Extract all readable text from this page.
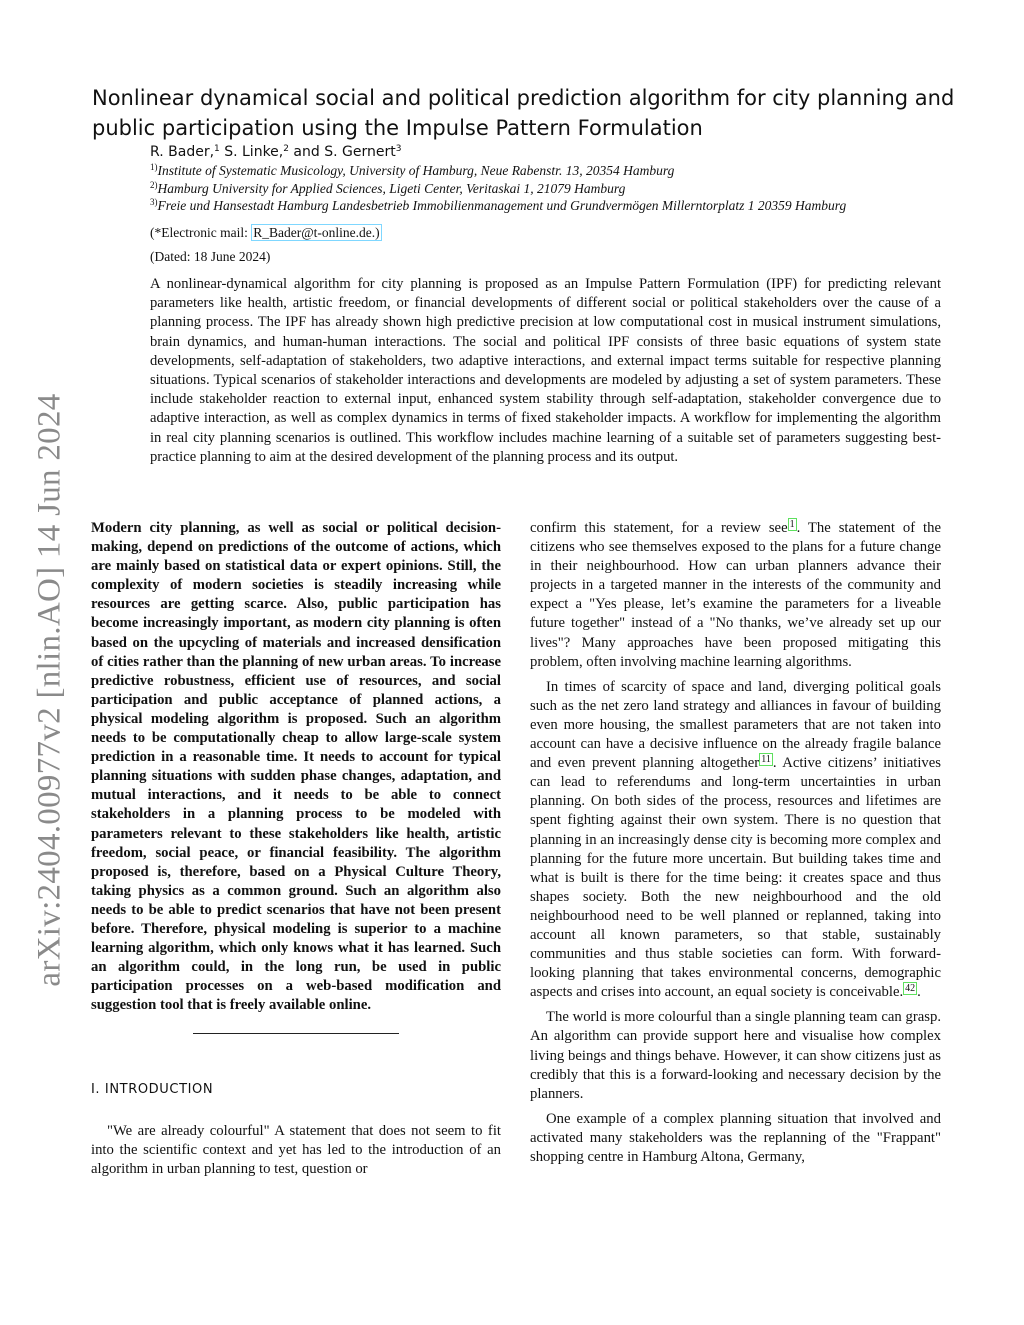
arXiv:2404.00977v2 [nlin.AO] 14 Jun 2024
Nonlinear dynamical social and political prediction algorithm for city planning and public participation using the Impulse Pattern Formulation
R. Bader,$^1$ S. Linke,$^2$ and S. Gernert$^3$
$^{1)}$Institute of Systematic Musicology, University of Hamburg, Neue Rabenstr. 13, 20354 Hamburg
$^{2)}$Hamburg University for Applied Sciences, Ligeti Center, Veritaskai 1, 21079 Hamburg
$^{3)}$Freie und Hansestadt Hamburg Landesbetrieb Immobilienmanagement und Grundvermögen Millerntorplatz 1 20359 Hamburg
(*Electronic mail: R_Bader@t-online.de.)
(Dated: 18 June 2024)

A nonlinear-dynamical algorithm for city planning is proposed as an Impulse Pattern Formulation (IPF) for predicting relevant parameters like health, artistic freedom, or financial developments of different social or political stakeholders over the cause of a planning process. The IPF has already shown high predictive precision at low computational cost in musical instrument simulations, brain dynamics, and human-human interactions. The social and political IPF consists of three basic equations of system state developments, self-adaptation of stakeholders, two adaptive interactions, and external impact terms suitable for respective planning situations. Typical scenarios of stakeholder interactions and developments are modeled by adjusting a set of system parameters. These include stakeholder reaction to external input, enhanced system stability through self-adaptation, stakeholder convergence due to adaptive interaction, as well as complex dynamics in terms of fixed stakeholder impacts. A workflow for implementing the algorithm in real city planning scenarios is outlined. This workflow includes machine learning of a suitable set of parameters suggesting best-practice planning to aim at the desired development of the planning process and its output.

Modern city planning, as well as social or political decision-making, depend on predictions of the outcome of actions, which are mainly based on statistical data or expert opinions. Still, the complexity of modern societies is steadily increasing while resources are getting scarce. Also, public participation has become increasingly important, as modern city planning is often based on the upcycling of materials and increased densification of cities rather than the planning of new urban areas. To increase predictive robustness, efficient use of resources, and social participation and public acceptance of planned actions, a physical modeling algorithm is proposed. Such an algorithm needs to be computationally cheap to allow large-scale system prediction in a reasonable time. It needs to account for typical planning situations with sudden phase changes, adaptation, and mutual interactions, and it needs to be able to connect stakeholders in a planning process to be modeled with parameters relevant to these stakeholders like health, artistic freedom, social peace, or financial feasibility. The algorithm proposed is, therefore, based on a Physical Culture Theory, taking physics as a common ground. Such an algorithm also needs to be able to predict scenarios that have not been present before. Therefore, physical modeling is superior to a machine learning algorithm, which only knows what it has learned. Such an algorithm could, in the long run, be used in public participation processes on a web-based modification and suggestion tool that is freely available online.

I. INTRODUCTION

"We are already colourful" A statement that does not seem to fit into the scientific context and yet has led to the introduction of an algorithm in urban planning to test, question or

confirm this statement, for a review see $^1$ . The statement of the citizens who see themselves exposed to the plans for a future change in their neighbourhood. How can urban planners advance their projects in a targeted manner in the interests of the community and expect a "Yes please, let’s examine the parameters for a liveable future together" instead of a "No thanks, we’ve already set up our lives"? Many approaches have been proposed mitigating this problem, often involving machine learning algorithms.

In times of scarcity of space and land, diverging political goals such as the net zero land strategy and alliances in favour of building even more housing, the smallest parameters that are not taken into account can have a decisive influence on the already fragile balance and even prevent planning altogether $^{11}$ . Active citizens’ initiatives can lead to referendums and long-term uncertainties in urban planning. On both sides of the process, resources and lifetimes are spent fighting against their own system. There is no question that planning in an increasingly dense city is becoming more complex and planning for the future more uncertain. But building takes time and what is built is there for the time being: it creates space and thus shapes society. Both the new neighbourhood and the old neighbourhood need to be well planned or replanned, taking into account all known parameters, so that stable, sustainably communities and thus stable societies can form. With forward-looking planning that takes environmental concerns, demographic aspects and crises into account, an equal society is conceivable. $^{42}$ .

The world is more colourful than a single planning team can grasp. An algorithm can provide support here and visualise how complex living beings and things behave. However, it can show citizens just as credibly that this is a forward-looking and necessary decision by the planners.

One example of a complex planning situation that involved and activated many stakeholders was the replanning of the "Frappant" shopping centre in Hamburg Altona, Germany,
